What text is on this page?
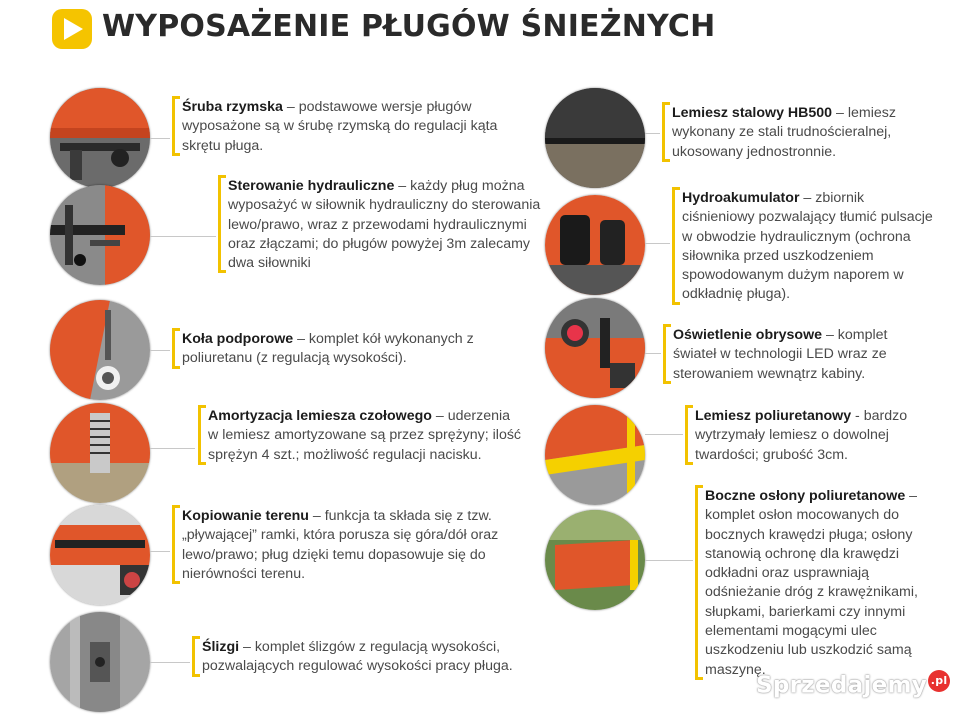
WYPOSAŻENIE PŁUGÓW ŚNIEŻNYCH
Śruba rzymska – podstawowe wersje pługów wyposażone są w śrubę rzymską do regulacji kąta skrętu pługa.
Sterowanie hydrauliczne – każdy pług można wyposażyć w siłownik hydrauliczny do sterowania lewo/prawo, wraz z przewodami hydraulicznymi oraz złączami; do pługów powyżej 3m zalecamy dwa siłowniki
Koła podporowe – komplet kół wykonanych z poliuretanu (z regulacją wysokości).
Amortyzacja lemiesza czołowego – uderzenia w lemiesz amortyzowane są przez sprężyny; ilość sprężyn 4 szt.; możliwość regulacji nacisku.
Kopiowanie terenu – funkcja ta składa się z tzw. „pływającej” ramki, która porusza się góra/dół oraz lewo/prawo; pług dzięki temu dopasowuje się do nierówności terenu.
Ślizgi – komplet ślizgów z regulacją wysokości, pozwalających regulować wysokości pracy pługa.
Lemiesz stalowy HB500 – lemiesz wykonany ze stali trudnościeralnej, ukosowany jednostronnie.
Hydroakumulator – zbiornik ciśnieniowy pozwalający tłumić pulsacje w obwodzie hydraulicznym (ochrona siłownika przed uszkodzeniem spowodowanym dużym naporem w odkładnię pługa).
Oświetlenie obrysowe – komplet świateł w technologii LED wraz ze sterowaniem wewnątrz kabiny.
Lemiesz poliuretanowy - bardzo wytrzymały lemiesz o dowolnej twardości; grubość 3cm.
Boczne osłony poliuretanowe – komplet osłon mocowanych do bocznych krawędzi pługa; osłony stanowią ochronę dla krawędzi odkładni oraz usprawniają odśnieżanie dróg z krawężnikami, słupkami, barierkami czy innymi elementami mogącymi ulec uszkodzeniu lub uszkodzić samą maszynę.
Sprzedajemy .pl
